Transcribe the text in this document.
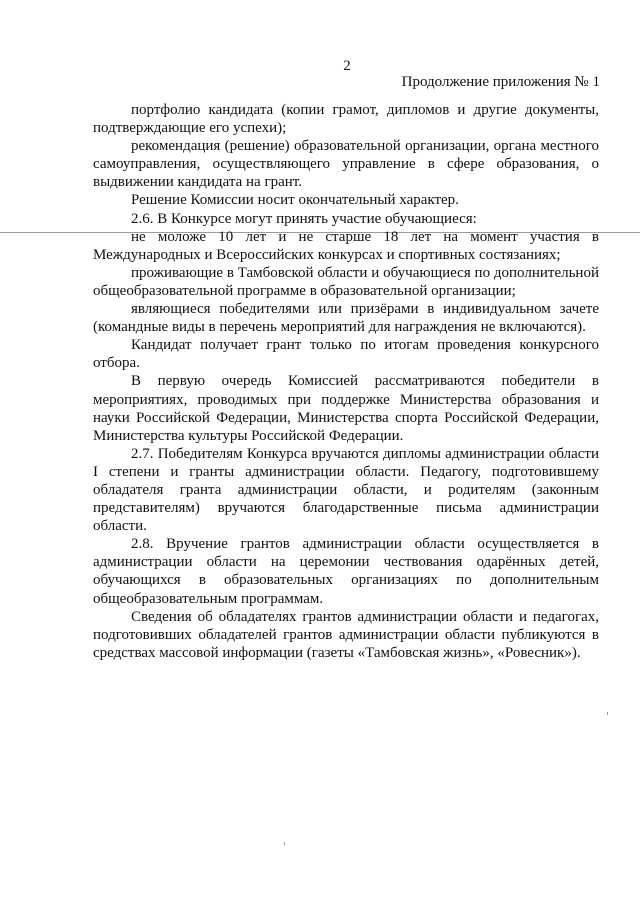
2
Продолжение приложения № 1

портфолио кандидата (копии грамот, дипломов и другие документы, подтверждающие его успехи);

рекомендация (решение) образовательной организации, органа местного самоуправления, осуществляющего управление в сфере образования, о выдвижении кандидата на грант.

Решение Комиссии носит окончательный характер.

2.6. В Конкурсе могут принять участие обучающиеся:

не моложе 10 лет и не старше 18 лет на момент участия в Международных и Всероссийских конкурсах и спортивных состязаниях;

проживающие в Тамбовской области и обучающиеся по дополнительной общеобразовательной программе в образовательной организации;

являющиеся победителями или призёрами в индивидуальном зачете (командные виды в перечень мероприятий для награждения не включаются).

Кандидат получает грант только по итогам проведения конкурсного отбора.

В первую очередь Комиссией рассматриваются победители в мероприятиях, проводимых при поддержке Министерства образования и науки Российской Федерации, Министерства спорта Российской Федерации, Министерства культуры Российской Федерации.

2.7. Победителям Конкурса вручаются дипломы администрации области I степени и гранты администрации области. Педагогу, подготовившему обладателя гранта администрации области, и родителям (законным представителям) вручаются благодарственные письма администрации области.

2.8. Вручение грантов администрации области осуществляется в администрации области на церемонии чествования одарённых детей, обучающихся в образовательных организациях по дополнительным общеобразовательным программам.

Сведения об обладателях грантов администрации области и педагогах, подготовивших обладателей грантов администрации области публикуются в средствах массовой информации (газеты «Тамбовская жизнь», «Ровесник»).
